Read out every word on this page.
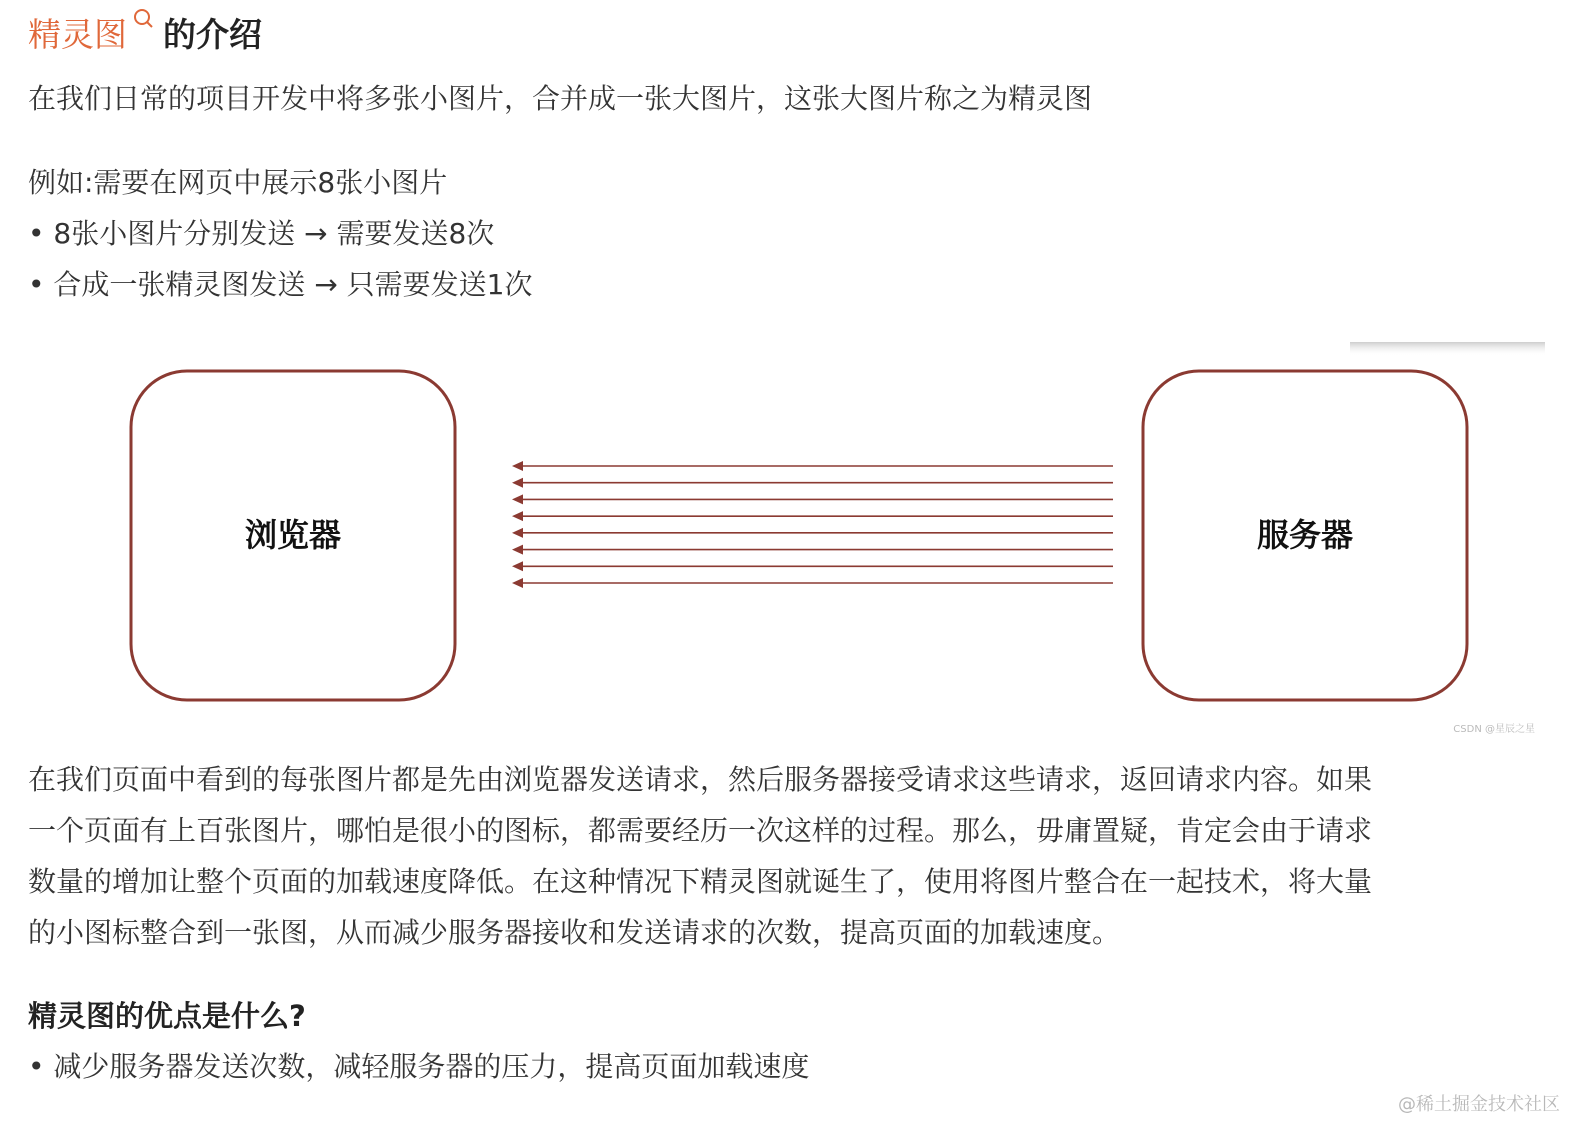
精灵图 的介绍
在我们日常的项目开发中将多张小图片，合并成一张大图片，这张大图片称之为精灵图
例如:需要在网页中展示8张小图片
• 8张小图片分别发送 → 需要发送8次
• 合成一张精灵图发送 → 只需要发送1次
浏览器	服务器
CSDN @星辰之星
在我们页面中看到的每张图片都是先由浏览器发送请求，然后服务器接受请求这些请求，返回请求内容。如果
一个页面有上百张图片，哪怕是很小的图标，都需要经历一次这样的过程。那么，毋庸置疑，肯定会由于请求
数量的增加让整个页面的加载速度降低。在这种情况下精灵图就诞生了，使用将图片整合在一起技术，将大量
的小图标整合到一张图，从而减少服务器接收和发送请求的次数，提高页面的加载速度。
精灵图的优点是什么?
• 减少服务器发送次数，减轻服务器的压力，提高页面加载速度
@稀土掘金技术社区
